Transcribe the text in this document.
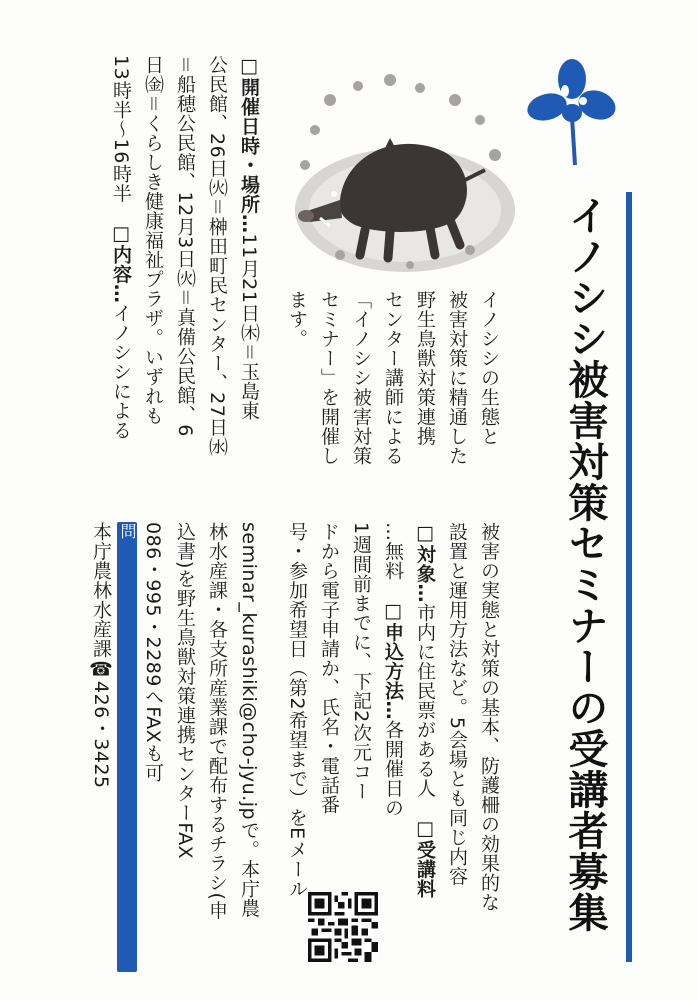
イノシシ被害対策セミナーの受講者募集
イノシシの生態と
被害対策に精通した
野生鳥獣対策連携
センター講師による
「イノシシ被害対策
セミナー」を開催し
ます。
□開催日時・場所…11月21日㈭＝玉島東
公民館、26日㈫＝榊田町民センター、27日㈬
＝船穂公民館、12月3日㈫＝真備公民館、6
日㈮＝くらしき健康福祉プラザ。いずれも
13時半～16時半　□内容…イノシシによる
被害の実態と対策の基本、防護柵の効果的な
設置と運用方法など。5会場とも同じ内容
□対象…市内に住民票がある人　□受講料
…無料　□申込方法…各開催日の
1週間前までに、下記2次元コー
ドから電子申請か、氏名・電話番
号・参加希望日（第2希望まで）をEメール
seminar_kurashiki@cho-jyu.jpで。本庁農
林水産課・各支所産業課で配布するチラシ(申
込書)を野生鳥獣対策連携センターFAX
086・995・2289へFAXも可
問
本庁農林水産課☎426・3425
